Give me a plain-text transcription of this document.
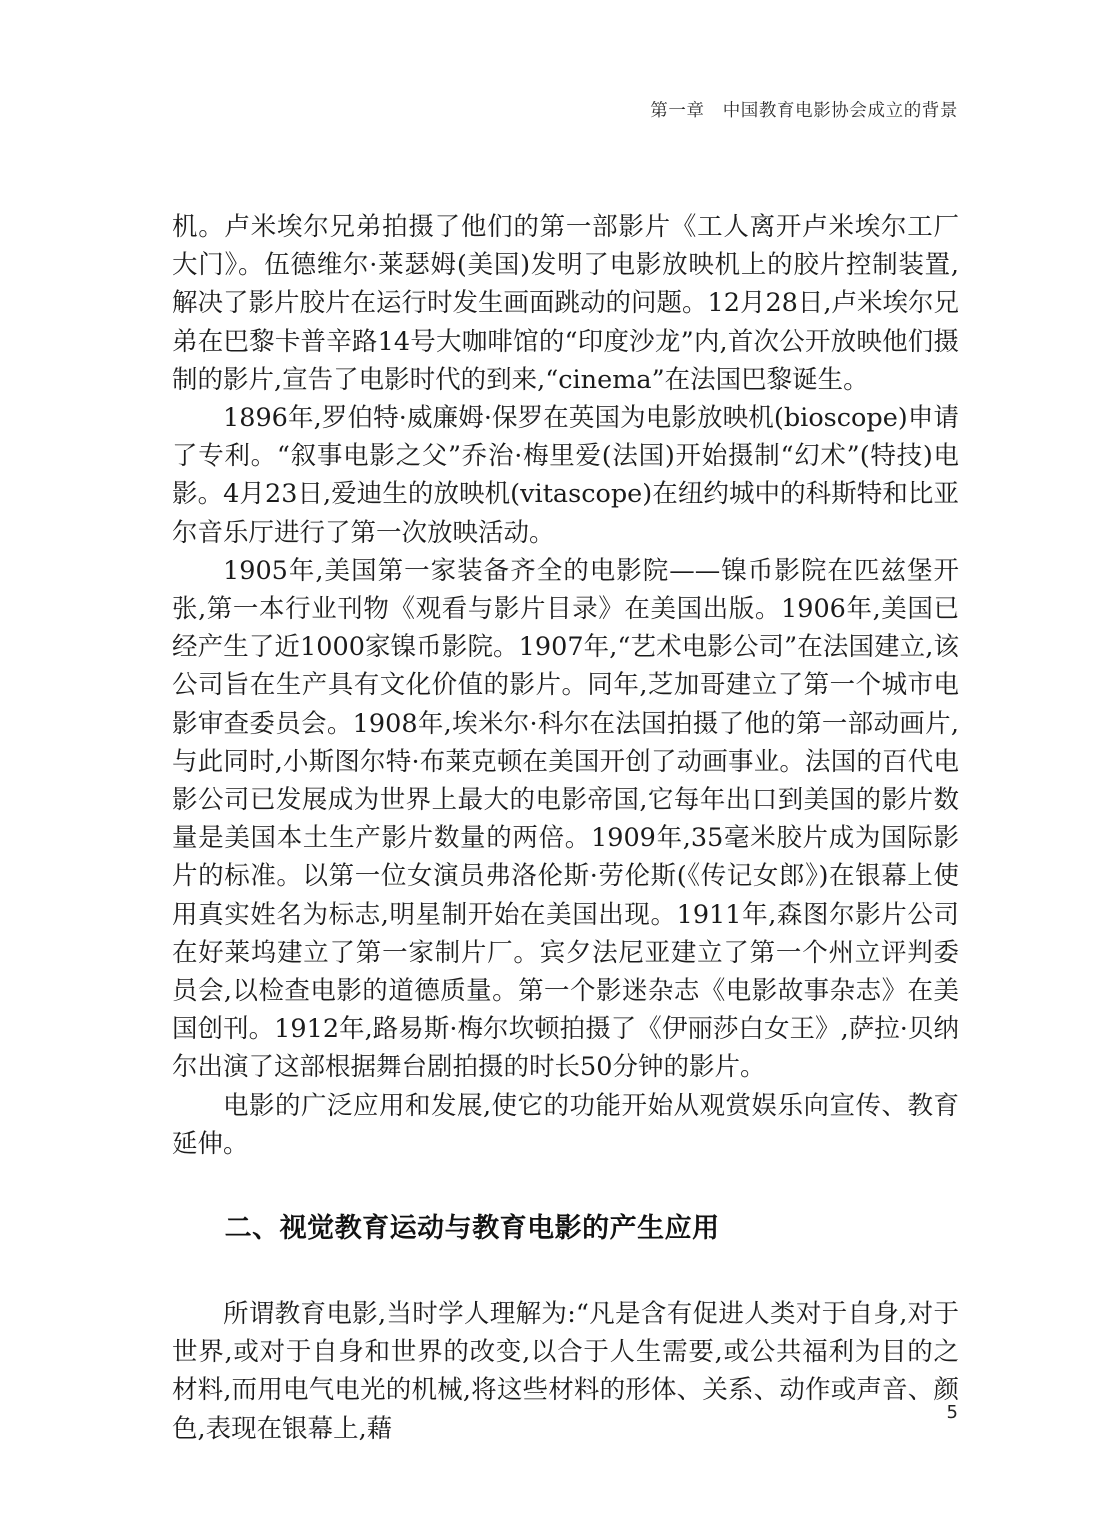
第一章　中国教育电影协会成立的背景

机。卢米埃尔兄弟拍摄了他们的第一部影片《工人离开卢米埃尔工厂大门》。伍德维尔·莱瑟姆(美国)发明了电影放映机上的胶片控制装置,解决了影片胶片在运行时发生画面跳动的问题。12月28日,卢米埃尔兄弟在巴黎卡普辛路14号大咖啡馆的“印度沙龙”内,首次公开放映他们摄制的影片,宣告了电影时代的到来,“cinema”在法国巴黎诞生。

1896年,罗伯特·威廉姆·保罗在英国为电影放映机(bioscope)申请了专利。“叙事电影之父”乔治·梅里爱(法国)开始摄制“幻术”(特技)电影。4月23日,爱迪生的放映机(vitascope)在纽约城中的科斯特和比亚尔音乐厅进行了第一次放映活动。

1905年,美国第一家装备齐全的电影院——镍币影院在匹兹堡开张,第一本行业刊物《观看与影片目录》在美国出版。1906年,美国已经产生了近1000家镍币影院。1907年,“艺术电影公司”在法国建立,该公司旨在生产具有文化价值的影片。同年,芝加哥建立了第一个城市电影审查委员会。1908年,埃米尔·科尔在法国拍摄了他的第一部动画片,与此同时,小斯图尔特·布莱克顿在美国开创了动画事业。法国的百代电影公司已发展成为世界上最大的电影帝国,它每年出口到美国的影片数量是美国本土生产影片数量的两倍。1909年,35毫米胶片成为国际影片的标准。以第一位女演员弗洛伦斯·劳伦斯(《传记女郎》)在银幕上使用真实姓名为标志,明星制开始在美国出现。1911年,森图尔影片公司在好莱坞建立了第一家制片厂。宾夕法尼亚建立了第一个州立评判委员会,以检查电影的道德质量。第一个影迷杂志《电影故事杂志》在美国创刊。1912年,路易斯·梅尔坎顿拍摄了《伊丽莎白女王》,萨拉·贝纳尔出演了这部根据舞台剧拍摄的时长50分钟的影片。

电影的广泛应用和发展,使它的功能开始从观赏娱乐向宣传、教育延伸。

二、视觉教育运动与教育电影的产生应用

所谓教育电影,当时学人理解为:“凡是含有促进人类对于自身,对于世界,或对于自身和世界的改变,以合于人生需要,或公共福利为目的之材料,而用电气电光的机械,将这些材料的形体、关系、动作或声音、颜色,表现在银幕上,藉

5
